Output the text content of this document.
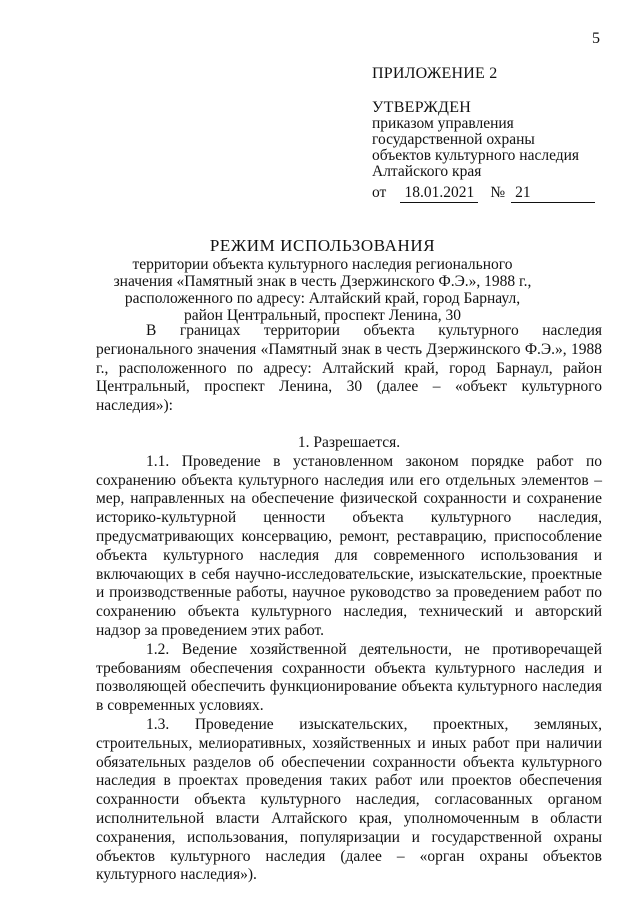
5
ПРИЛОЖЕНИЕ 2
УТВЕРЖДЕН
приказом управления
государственной охраны
объектов культурного наследия
Алтайского края
от 18.01.2021 № 21
РЕЖИМ ИСПОЛЬЗОВАНИЯ
территории объекта культурного наследия регионального
значения «Памятный знак в честь Дзержинского Ф.Э.», 1988 г.,
расположенного по адресу: Алтайский край, город Барнаул,
район Центральный, проспект Ленина, 30

В границах территории объекта культурного наследия регионального значения «Памятный знак в честь Дзержинского Ф.Э.», 1988 г., расположенного по адресу: Алтайский край, город Барнаул, район Центральный, проспект Ленина, 30 (далее – «объект культурного наследия»):

1. Разрешается.

1.1. Проведение в установленном законом порядке работ по сохранению объекта культурного наследия или его отдельных элементов – мер, направленных на обеспечение физической сохранности и сохранение историко-культурной ценности объекта культурного наследия, предусматривающих консервацию, ремонт, реставрацию, приспособление объекта культурного наследия для современного использования и включающих в себя научно-исследовательские, изыскательские, проектные и производственные работы, научное руководство за проведением работ по сохранению объекта культурного наследия, технический и авторский надзор за проведением этих работ.

1.2. Ведение хозяйственной деятельности, не противоречащей требованиям обеспечения сохранности объекта культурного наследия и позволяющей обеспечить функционирование объекта культурного наследия в современных условиях.

1.3. Проведение изыскательских, проектных, земляных, строительных, мелиоративных, хозяйственных и иных работ при наличии обязательных разделов об обеспечении сохранности объекта культурного наследия в проектах проведения таких работ или проектов обеспечения сохранности объекта культурного наследия, согласованных органом исполнительной власти Алтайского края, уполномоченным в области сохранения, использования, популяризации и государственной охраны объектов культурного наследия (далее – «орган охраны объектов культурного наследия»).
